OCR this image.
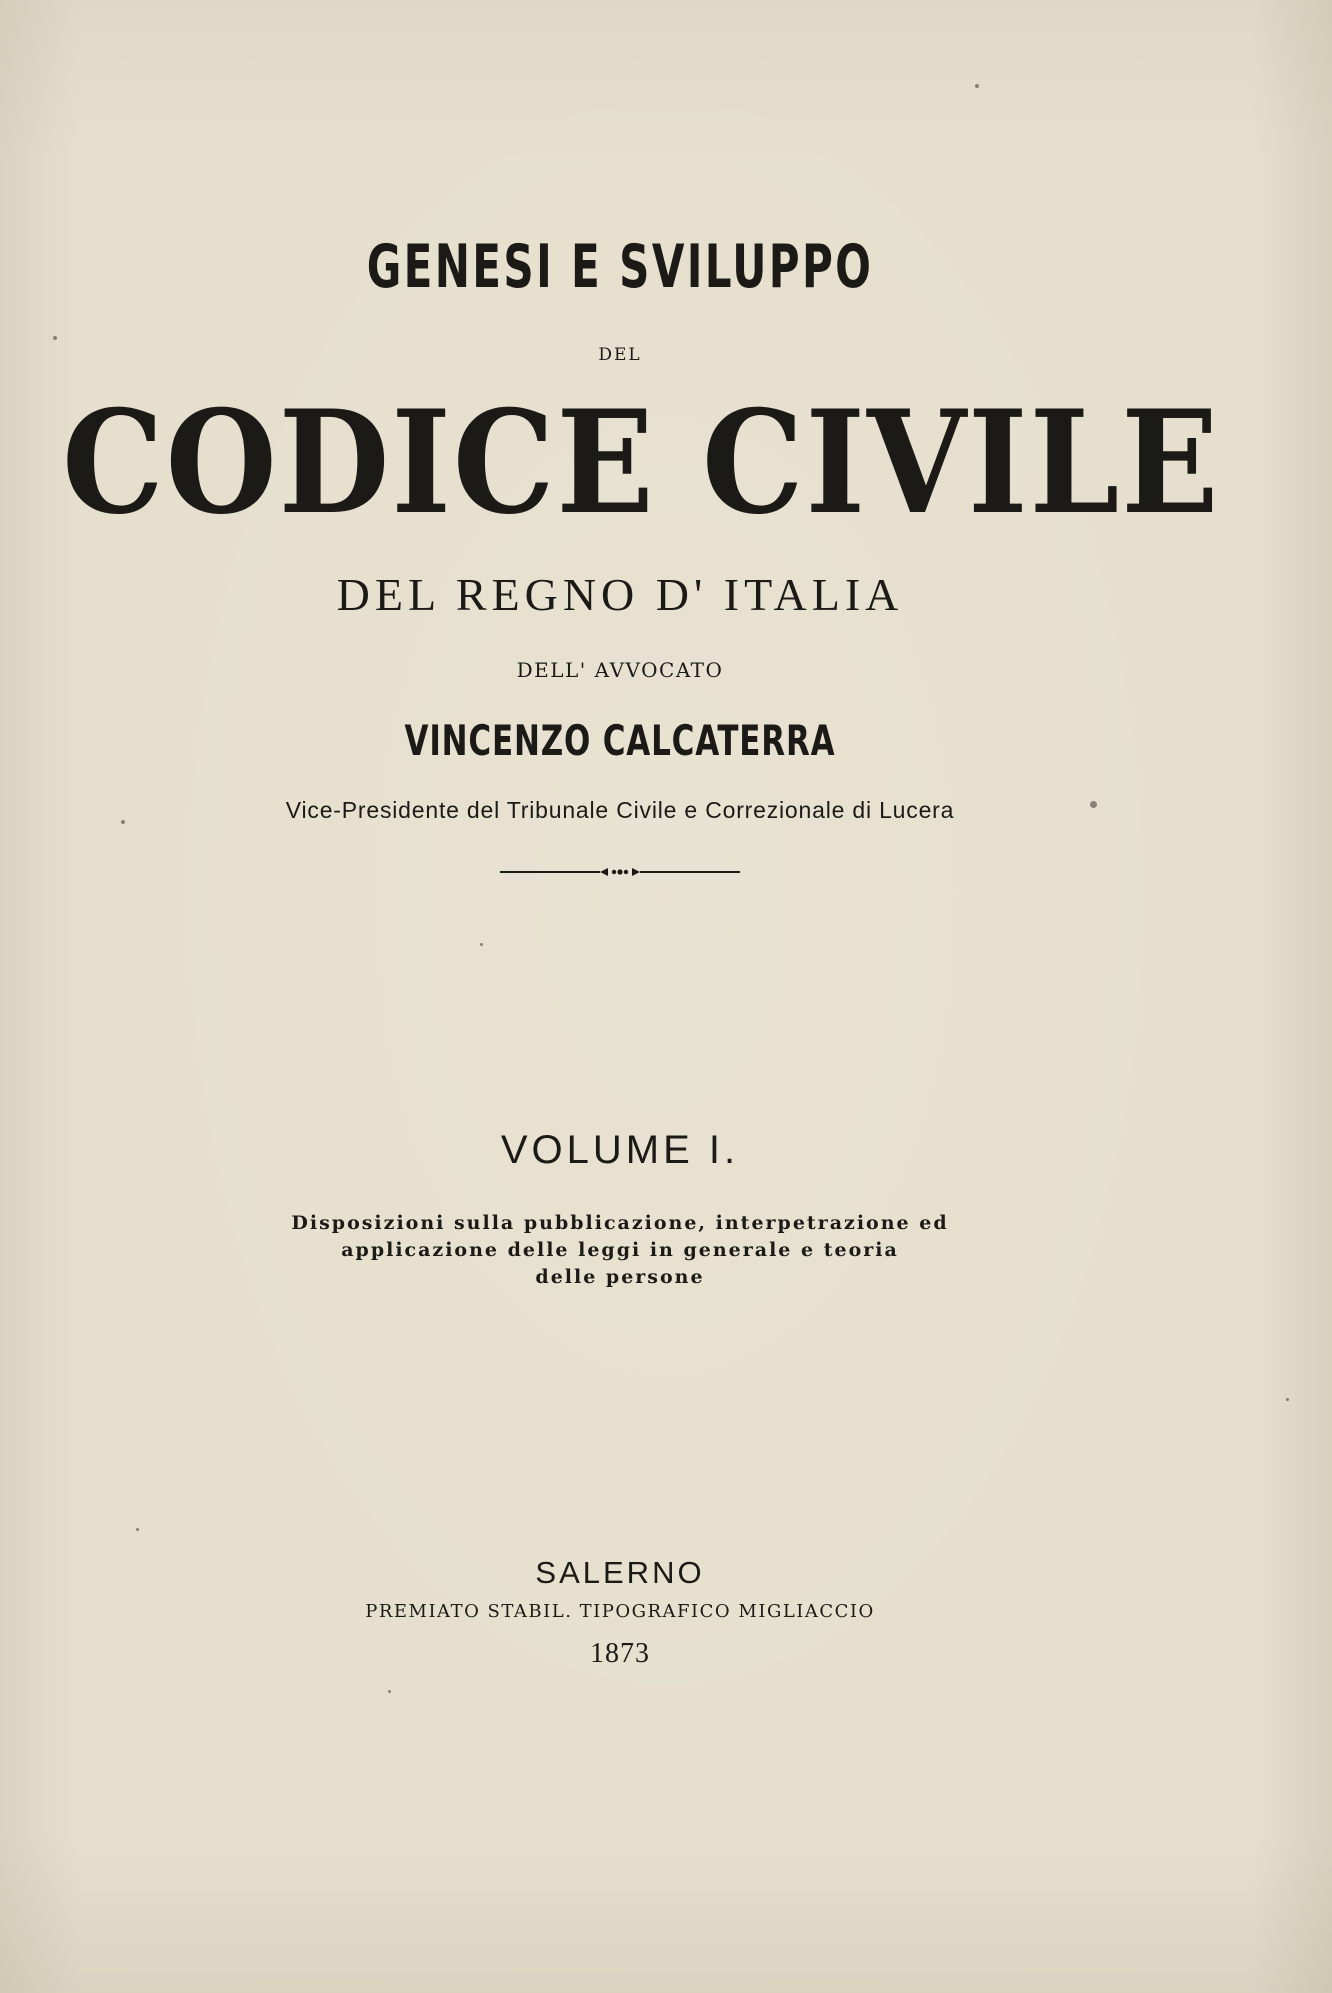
GENESI E SVILUPPO
DEL
CODICE CIVILE
DEL REGNO D' ITALIA
DELL' AVVOCATO
VINCENZO CALCATERRA
Vice-Presidente del Tribunale Civile e Correzionale di Lucera
VOLUME I.
Disposizioni sulla pubblicazione, interpetrazione ed
applicazione delle leggi in generale e teoria
delle persone
SALERNO
PREMIATO STABIL. TIPOGRAFICO MIGLIACCIO
1873
